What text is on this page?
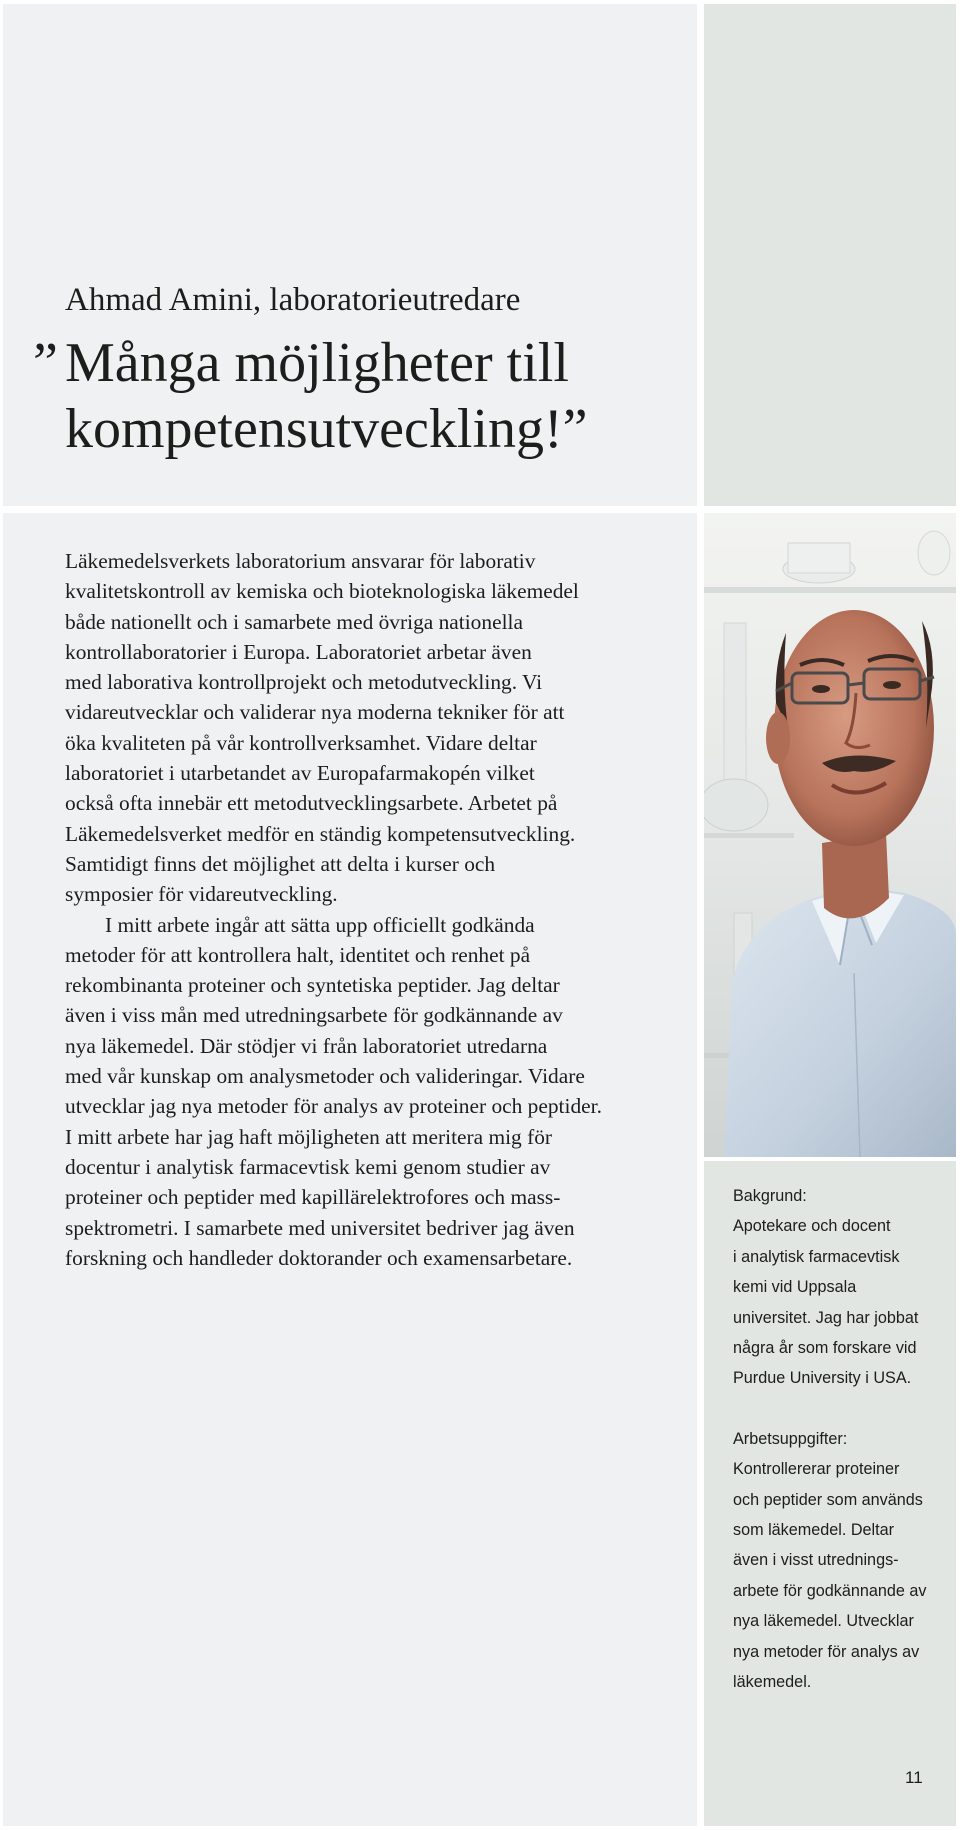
Ahmad Amini, laboratorieutredare
” Många möjligheter till
kompetensutveckling!”

Läkemedelsverkets laboratorium ansvarar för laborativ

kvalitetskontroll av kemiska och bioteknologiska läkemedel

både nationellt och i samarbete med övriga nationella

kontrollaboratorier i Europa. Laboratoriet arbetar även

med laborativa kontrollprojekt och metodutveckling. Vi

vidareutvecklar och validerar nya moderna tekniker för att

öka kvaliteten på vår kontrollverksamhet. Vidare deltar

laboratoriet i utarbetandet av Europafarmakopén vilket

också ofta innebär ett metodutvecklingsarbete. Arbetet på

Läkemedelsverket medför en ständig kompetensutveckling.

Samtidigt finns det möjlighet att delta i kurser och

symposier för vidareutveckling.

I mitt arbete ingår att sätta upp officiellt godkända

metoder för att kontrollera halt, identitet och renhet på

rekombinanta proteiner och syntetiska peptider. Jag deltar

även i viss mån med utredningsarbete för godkännande av

nya läkemedel. Där stödjer vi från laboratoriet utredarna

med vår kunskap om analysmetoder och valideringar. Vidare

utvecklar jag nya metoder för analys av proteiner och peptider.

I mitt arbete har jag haft möjligheten att meritera mig för

docentur i analytisk farmacevtisk kemi genom studier av

proteiner och peptider med kapillärelektrofores och mass-

spektrometri. I samarbete med universitet bedriver jag även

forskning och handleder doktorander och examensarbetare.

Bakgrund:
Apotekare och docent
i analytisk farmacevtisk
kemi vid Uppsala
universitet. Jag har jobbat
några år som forskare vid
Purdue University i USA.
Arbetsuppgifter:
Kontrollererar proteiner
och peptider som används
som läkemedel. Deltar
även i visst utrednings-
arbete för godkännande av
nya läkemedel. Utvecklar
nya metoder för analys av
läkemedel.
11
